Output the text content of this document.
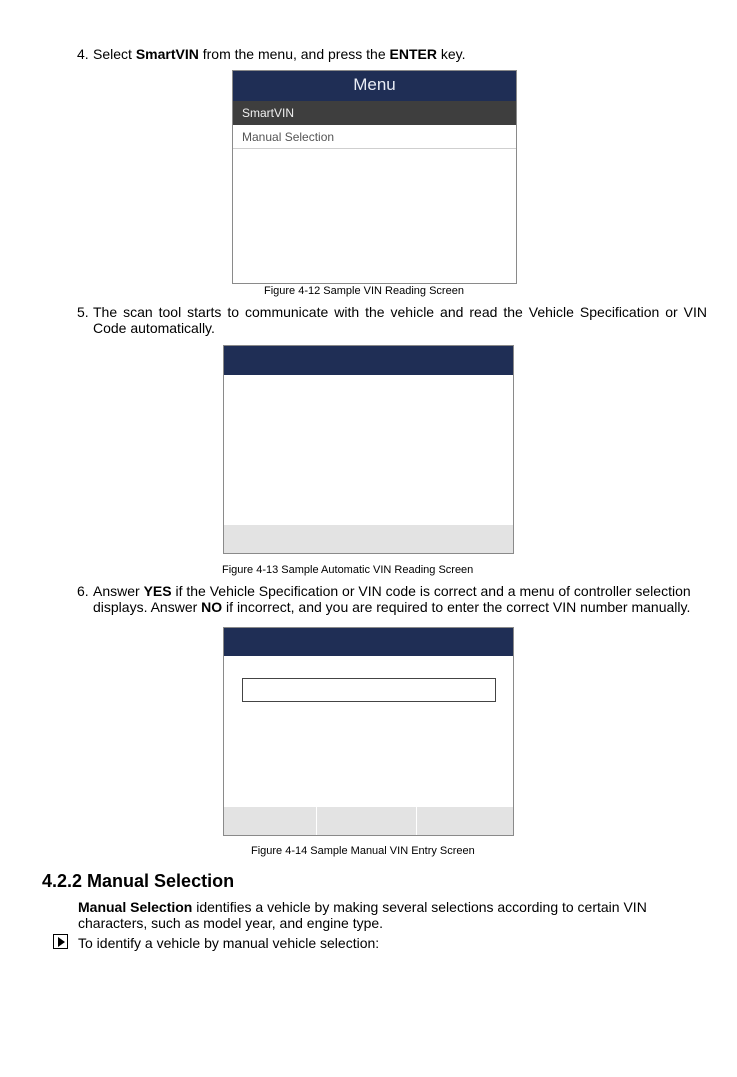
4. Select SmartVIN from the menu, and press the ENTER key.
Menu
SmartVIN
Manual Selection
Figure 4-12 Sample VIN Reading Screen
5. The scan tool starts to communicate with the vehicle and read the Vehicle Specification or VIN
Code automatically.
Figure 4-13 Sample Automatic VIN Reading Screen
6. Answer YES if the Vehicle Specification or VIN code is correct and a menu of controller selection
displays. Answer NO if incorrect, and you are required to enter the correct VIN number manually.
Figure 4-14 Sample Manual VIN Entry Screen
4.2.2 Manual Selection
Manual Selection identifies a vehicle by making several selections according to certain VIN
characters, such as model year, and engine type.
To identify a vehicle by manual vehicle selection:
